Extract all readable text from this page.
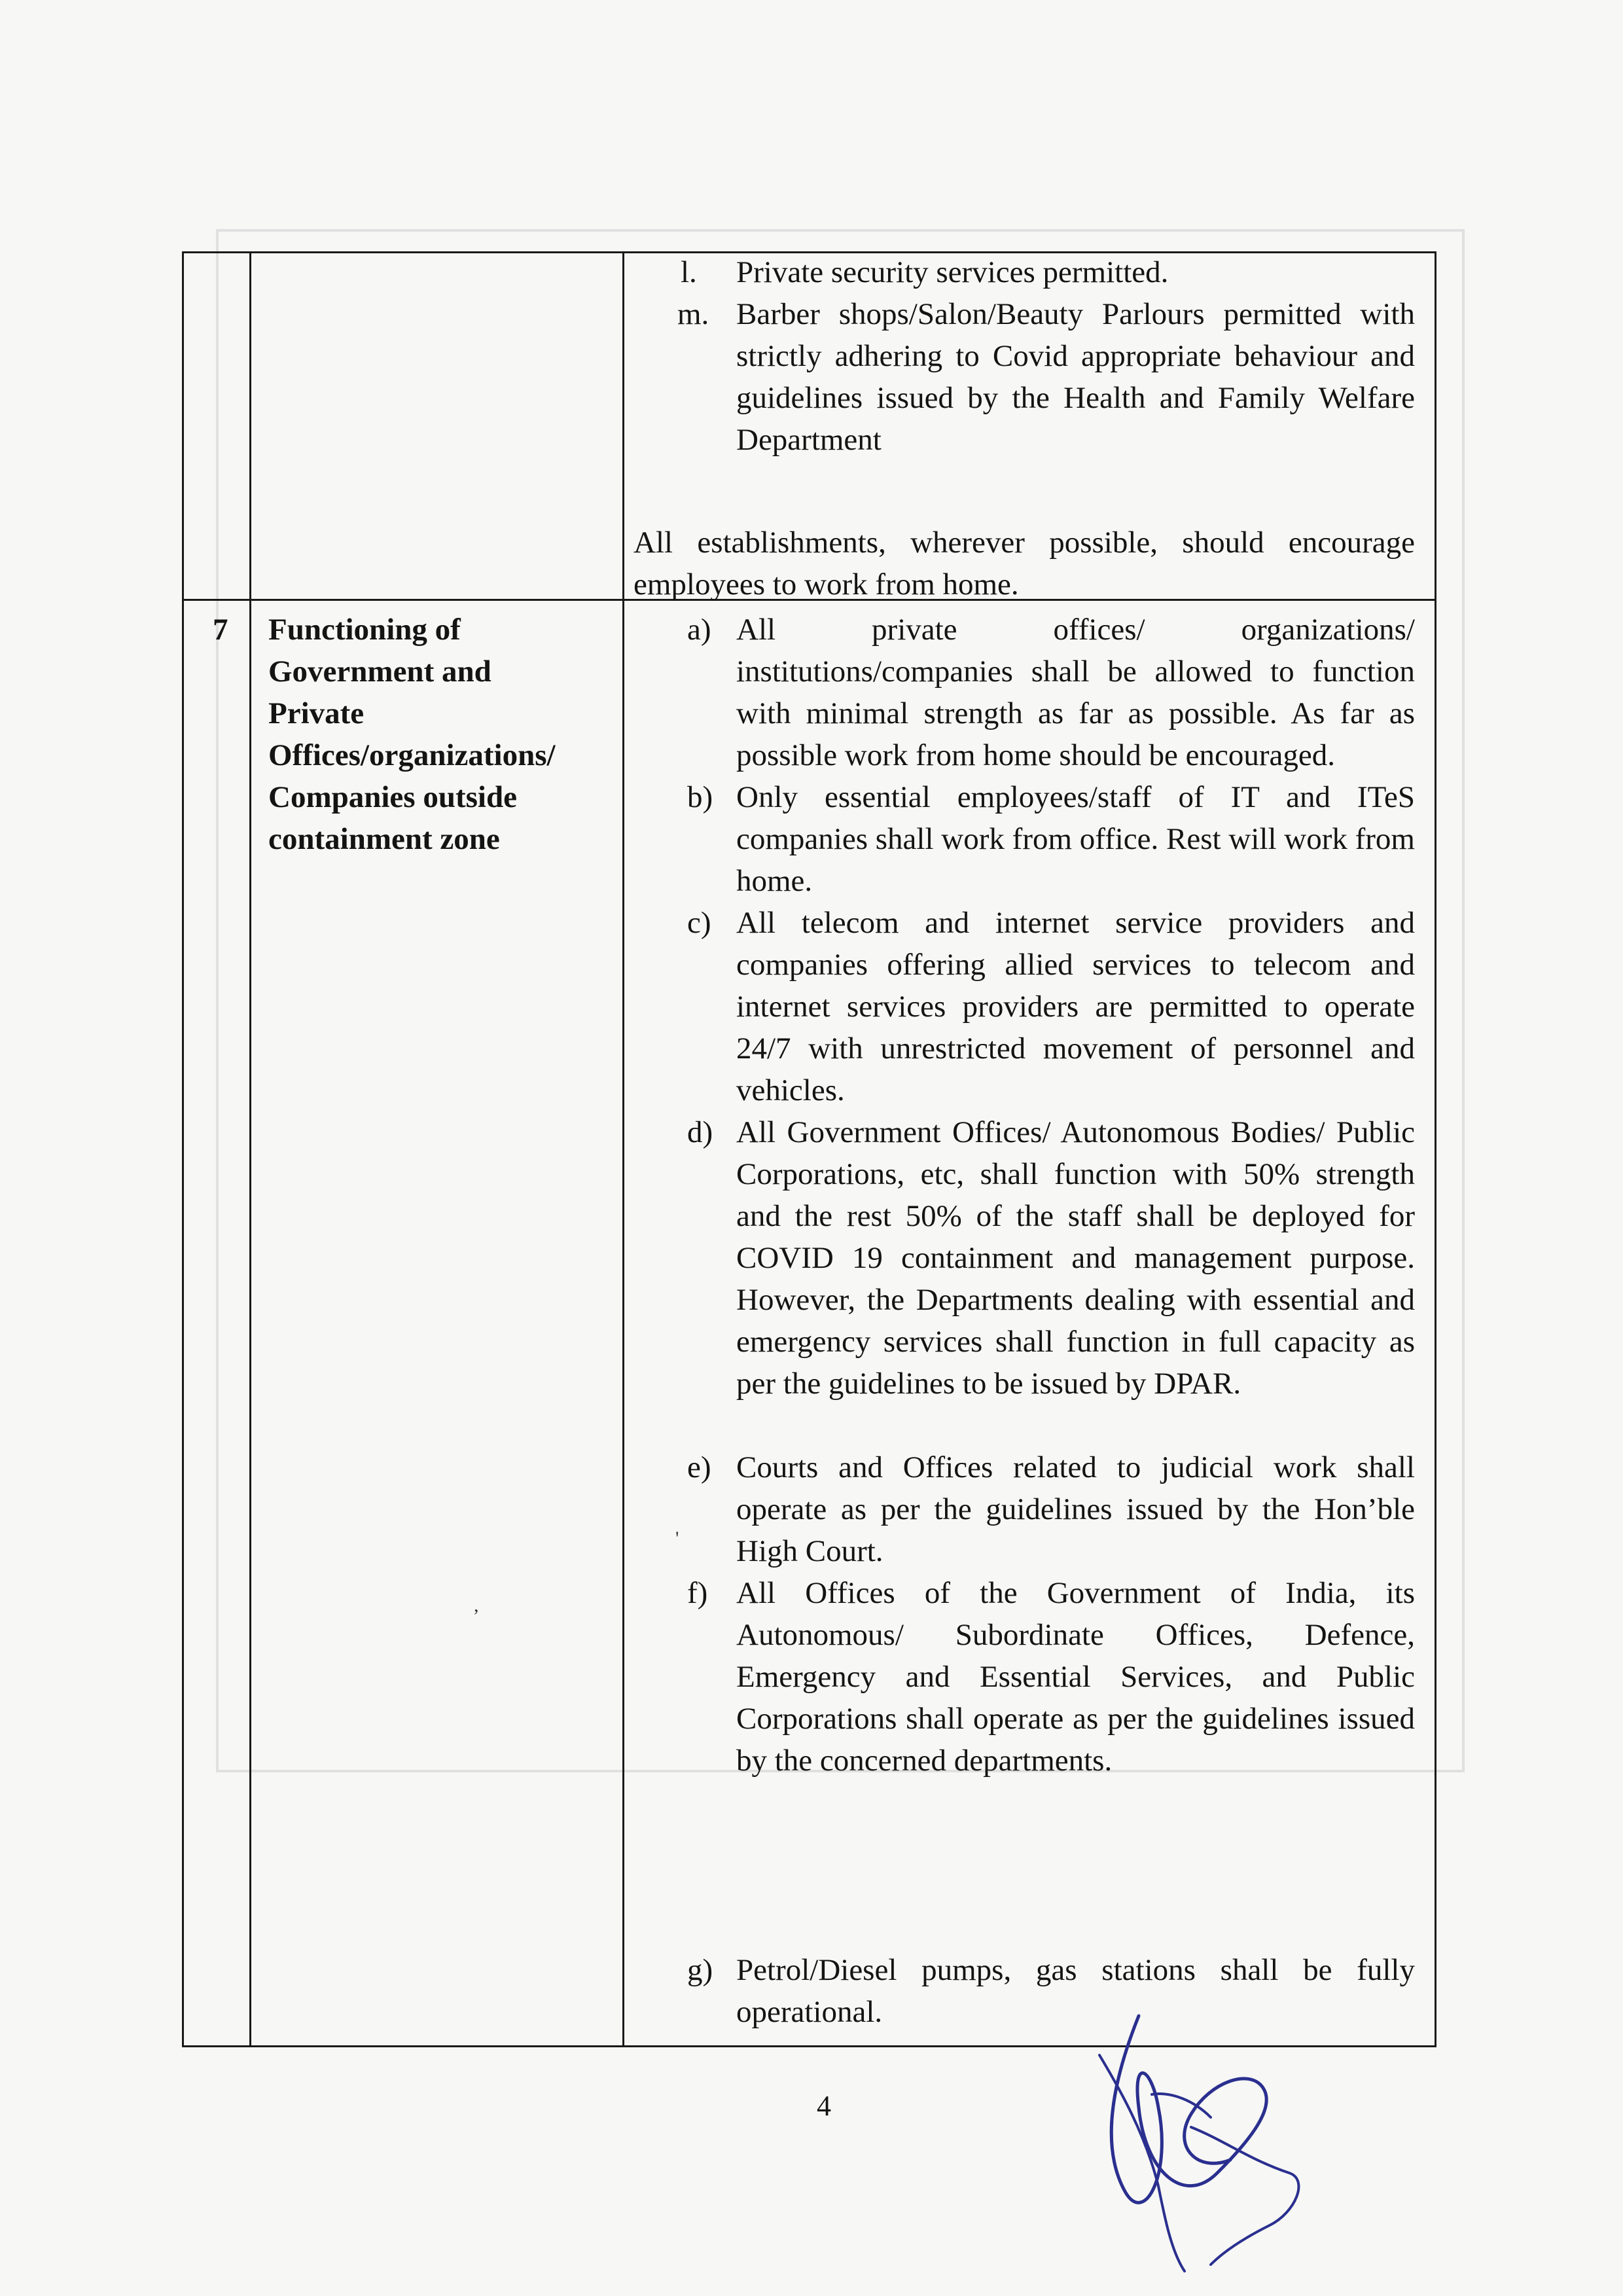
l. Private security services permitted.
m. Barber shops/Salon/Beauty Parlours permitted with strictly adhering to Covid appropriate behaviour and guidelines issued by the Health and Family Welfare Department
All establishments, wherever possible, should encourage employees to work from home.
7 Functioning of
Government and
Private
Offices/organizations/
Companies outside
containment zone
a) All private offices/ organizations/ institutions/companies shall be allowed to function with minimal strength as far as possible. As far as possible work from home should be encouraged.
b) Only essential employees/staff of IT and ITeS companies shall work from office. Rest will work from home.
c) All telecom and internet service providers and companies offering allied services to telecom and internet services providers are permitted to operate 24/7 with unrestricted movement of personnel and vehicles.
d) All Government Offices/ Autonomous Bodies/ Public Corporations, etc, shall function with 50% strength and the rest 50% of the staff shall be deployed for COVID 19 containment and management purpose. However, the Departments dealing with essential and emergency services shall function in full capacity as per the guidelines to be issued by DPAR.
e) Courts and Offices related to judicial work shall operate as per the guidelines issued by the Hon’ble High Court.
f) All Offices of the Government of India, its Autonomous/ Subordinate Offices, Defence, Emergency and Essential Services, and Public Corporations shall operate as per the guidelines issued by the concerned departments.
g) Petrol/Diesel pumps, gas stations shall be fully operational.
,
'
4
